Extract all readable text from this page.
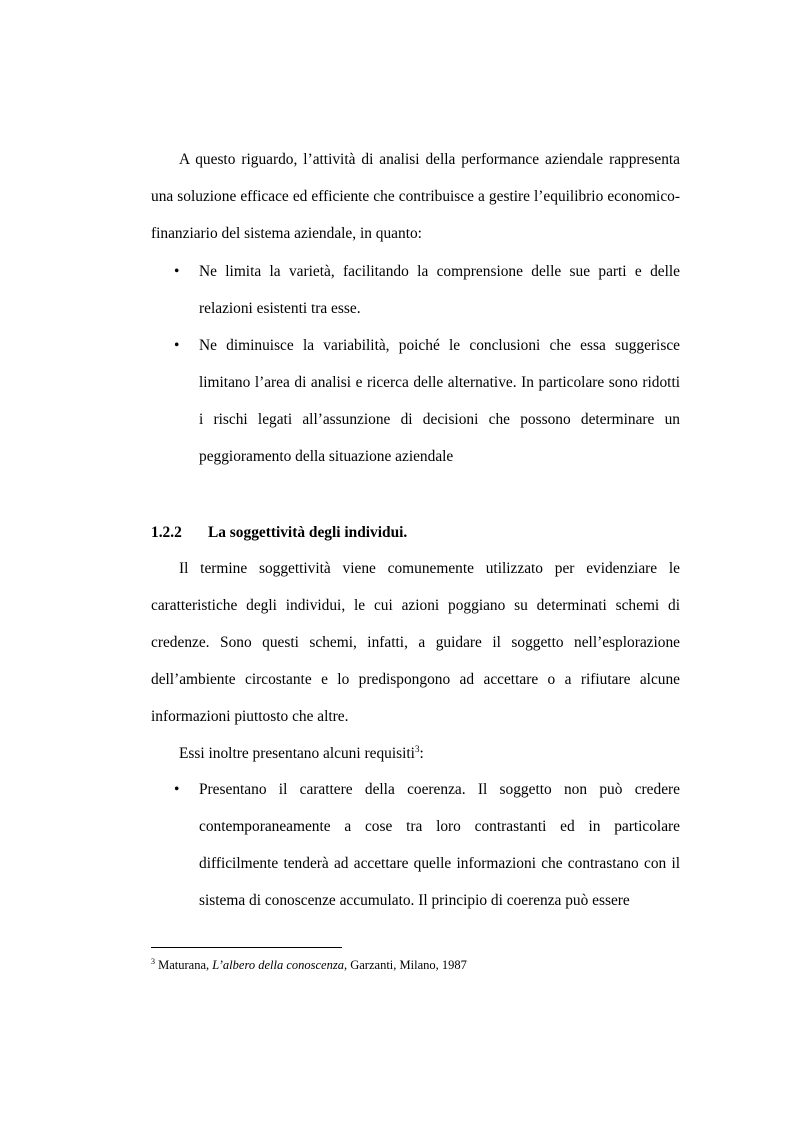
A questo riguardo, l’attività di analisi della performance aziendale rappresenta una soluzione efficace ed efficiente che contribuisce a gestire l’equilibrio economico-finanziario del sistema aziendale, in quanto:

• Ne limita la varietà, facilitando la comprensione delle sue parti e delle relazioni esistenti tra esse.
• Ne diminuisce la variabilità, poiché le conclusioni che essa suggerisce limitano l’area di analisi e ricerca delle alternative. In particolare sono ridotti i rischi legati all’assunzione di decisioni che possono determinare un peggioramento della situazione aziendale
1.2.2 La soggettività degli individui.

Il termine soggettività viene comunemente utilizzato per evidenziare le caratteristiche degli individui, le cui azioni poggiano su determinati schemi di credenze. Sono questi schemi, infatti, a guidare il soggetto nell’esplorazione dell’ambiente circostante e lo predispongono ad accettare o a rifiutare alcune informazioni piuttosto che altre.

Essi inoltre presentano alcuni requisiti$^3$:

• Presentano il carattere della coerenza. Il soggetto non può credere contemporaneamente a cose tra loro contrastanti ed in particolare difficilmente tenderà ad accettare quelle informazioni che contrastano con il sistema di conoscenze accumulato. Il principio di coerenza può essere

$^3$ Maturana, L’albero della conoscenza, Garzanti, Milano, 1987
